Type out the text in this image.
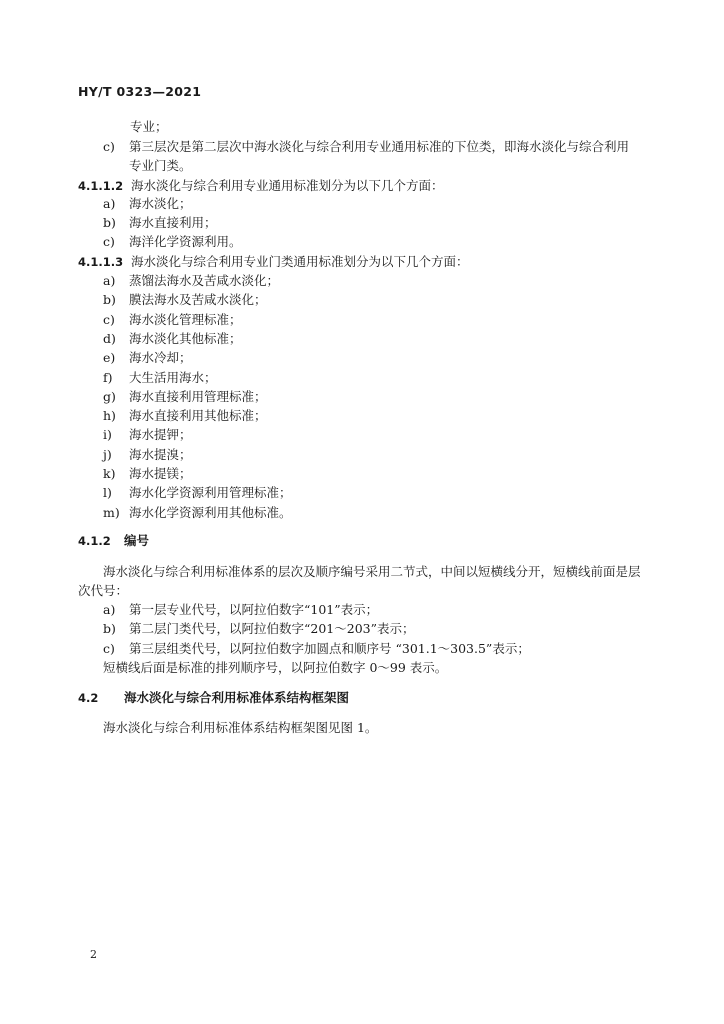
HY/T 0323—2021
专业；
c) 第三层次是第二层次中海水淡化与综合利用专业通用标准的下位类，即海水淡化与综合利用
专业门类。
4.1.1.2 海水淡化与综合利用专业通用标准划分为以下几个方面：
a) 海水淡化；
b) 海水直接利用；
c) 海洋化学资源利用。
4.1.1.3 海水淡化与综合利用专业门类通用标准划分为以下几个方面：
a) 蒸馏法海水及苦咸水淡化；
b) 膜法海水及苦咸水淡化；
c) 海水淡化管理标准；
d) 海水淡化其他标准；
e) 海水冷却；
f) 大生活用海水；
g) 海水直接利用管理标准；
h) 海水直接利用其他标准；
i) 海水提钾；
j) 海水提溴；
k) 海水提镁；
l) 海水化学资源利用管理标准；
m) 海水化学资源利用其他标准。
4.1.2 编号
海水淡化与综合利用标准体系的层次及顺序编号采用二节式，中间以短横线分开，短横线前面是层
次代号：
a) 第一层专业代号，以阿拉伯数字“101”表示；
b) 第二层门类代号，以阿拉伯数字“201～203”表示；
c) 第三层组类代号，以阿拉伯数字加圆点和顺序号 “301.1～303.5”表示；
短横线后面是标准的排列顺序号，以阿拉伯数字 0～99 表示。
4.2 海水淡化与综合利用标准体系结构框架图
海水淡化与综合利用标准体系结构框架图见图 1。
2
